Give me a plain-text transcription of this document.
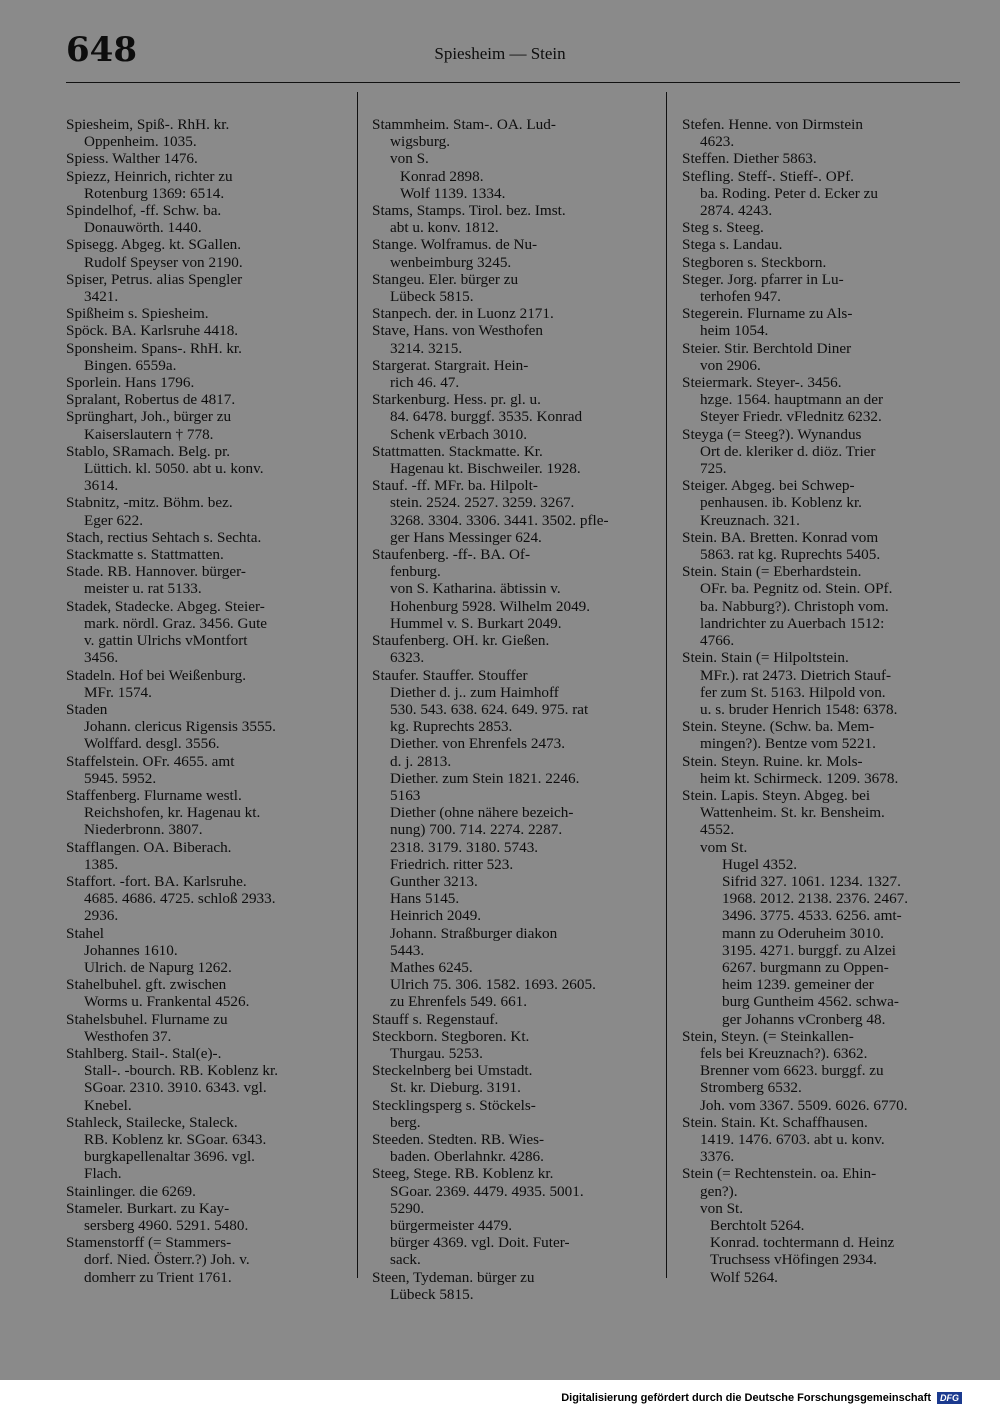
648	Spiesheim — Stein
Spiesheim, Spiß-. RhH. kr.
Oppenheim. 1035.
Spiess. Walther 1476.
Spiezz, Heinrich, richter zu
Rotenburg 1369: 6514.
Spindelhof, -ff. Schw. ba.
Donauwörth. 1440.
Spisegg. Abgeg. kt. SGallen.
Rudolf Speyser von 2190.
Spiser, Petrus. alias Spengler
3421.
Spißheim s. Spiesheim.
Spöck. BA. Karlsruhe 4418.
Sponsheim. Spans-. RhH. kr.
Bingen. 6559a.
Sporlein. Hans 1796.
Spralant, Robertus de 4817.
Sprünghart, Joh., bürger zu
Kaiserslautern † 778.
Stablo, SRamach. Belg. pr.
Lüttich. kl. 5050. abt u. konv.
3614.
Stabnitz, -mitz. Böhm. bez.
Eger 622.
Stach, rectius Sehtach s. Sechta.
Stackmatte s. Stattmatten.
Stade. RB. Hannover. bürger-
meister u. rat 5133.
Stadek, Stadecke. Abgeg. Steier-
mark. nördl. Graz. 3456. Gute
v. gattin Ulrichs vMontfort
3456.
Stadeln. Hof bei Weißenburg.
MFr. 1574.
Staden
Johann. clericus Rigensis 3555.
Wolffard. desgl. 3556.
Staffelstein. OFr. 4655. amt
5945. 5952.
Staffenberg. Flurname westl.
Reichshofen, kr. Hagenau kt.
Niederbronn. 3807.
Stafflangen. OA. Biberach.
1385.
Staffort. -fort. BA. Karlsruhe.
4685. 4686. 4725. schloß 2933.
2936.
Stahel
Johannes 1610.
Ulrich. de Napurg 1262.
Stahelbuhel. gft. zwischen
Worms u. Frankental 4526.
Stahelsbuhel. Flurname zu
Westhofen 37.
Stahlberg. Stail-. Stal(e)-.
Stall-. -bourch. RB. Koblenz kr.
SGoar. 2310. 3910. 6343. vgl.
Knebel.
Stahleck, Stailecke, Staleck.
RB. Koblenz kr. SGoar. 6343.
burgkapellenaltar 3696. vgl.
Flach.
Stainlinger. die 6269.
Stameler. Burkart. zu Kay-
sersberg 4960. 5291. 5480.
Stamenstorff (= Stammers-
dorf. Nied. Österr.?) Joh. v.
domherr zu Trient 1761.
Stammheim. Stam-. OA. Lud-
wigsburg.
von S.
Konrad 2898.
Wolf 1139. 1334.
Stams, Stamps. Tirol. bez. Imst.
abt u. konv. 1812.
Stange. Wolframus. de Nu-
wenbeimburg 3245.
Stangeu. Eler. bürger zu
Lübeck 5815.
Stanpech. der. in Luonz 2171.
Stave, Hans. von Westhofen
3214. 3215.
Stargerat. Stargrait. Hein-
rich 46. 47.
Starkenburg. Hess. pr. gl. u.
84. 6478. burggf. 3535. Konrad
Schenk vErbach 3010.
Stattmatten. Stackmatte. Kr.
Hagenau kt. Bischweiler. 1928.
Stauf. -ff. MFr. ba. Hilpolt-
stein. 2524. 2527. 3259. 3267.
3268. 3304. 3306. 3441. 3502. pfle-
ger Hans Messinger 624.
Staufenberg. -ff-. BA. Of-
fenburg.
von S. Katharina. äbtissin v.
Hohenburg 5928. Wilhelm 2049.
Hummel v. S. Burkart 2049.
Staufenberg. OH. kr. Gießen.
6323.
Staufer. Stauffer. Stouffer
Diether d. j.. zum Haimhoff
530. 543. 638. 624. 649. 975. rat
kg. Ruprechts 2853.
Diether. von Ehrenfels 2473.
d. j. 2813.
Diether. zum Stein 1821. 2246.
5163
Diether (ohne nähere bezeich-
nung) 700. 714. 2274. 2287.
2318. 3179. 3180. 5743.
Friedrich. ritter 523.
Gunther 3213.
Hans 5145.
Heinrich 2049.
Johann. Straßburger diakon
5443.
Mathes 6245.
Ulrich 75. 306. 1582. 1693. 2605.
zu Ehrenfels 549. 661.
Stauff s. Regenstauf.
Steckborn. Stegboren. Kt.
Thurgau. 5253.
Steckelnberg bei Umstadt.
St. kr. Dieburg. 3191.
Stecklingsperg s. Stöckels-
berg.
Steeden. Stedten. RB. Wies-
baden. Oberlahnkr. 4286.
Steeg, Stege. RB. Koblenz kr.
SGoar. 2369. 4479. 4935. 5001.
5290.
bürgermeister 4479.
bürger 4369. vgl. Doit. Futer-
sack.
Steen, Tydeman. bürger zu
Lübeck 5815.
Stefen. Henne. von Dirmstein
4623.
Steffen. Diether 5863.
Stefling. Steff-. Stieff-. OPf.
ba. Roding. Peter d. Ecker zu
2874. 4243.
Steg s. Steeg.
Stega s. Landau.
Stegboren s. Steckborn.
Steger. Jorg. pfarrer in Lu-
terhofen 947.
Stegerein. Flurname zu Als-
heim 1054.
Steier. Stir. Berchtold Diner
von 2906.
Steiermark. Steyer-. 3456.
hzge. 1564. hauptmann an der
Steyer Friedr. vFlednitz 6232.
Steyga (= Steeg?). Wynandus
Ort de. kleriker d. diöz. Trier
725.
Steiger. Abgeg. bei Schwep-
penhausen. ib. Koblenz kr.
Kreuznach. 321.
Stein. BA. Bretten. Konrad vom
5863. rat kg. Ruprechts 5405.
Stein. Stain (= Eberhardstein.
OFr. ba. Pegnitz od. Stein. OPf.
ba. Nabburg?). Christoph vom.
landrichter zu Auerbach 1512:
4766.
Stein. Stain (= Hilpoltstein.
MFr.). rat 2473. Dietrich Stauf-
fer zum St. 5163. Hilpold von.
u. s. bruder Henrich 1548: 6378.
Stein. Steyne. (Schw. ba. Mem-
mingen?). Bentze vom 5221.
Stein. Steyn. Ruine. kr. Mols-
heim kt. Schirmeck. 1209. 3678.
Stein. Lapis. Steyn. Abgeg. bei
Wattenheim. St. kr. Bensheim.
4552.
vom St.
Hugel 4352.
Sifrid 327. 1061. 1234. 1327.
1968. 2012. 2138. 2376. 2467.
3496. 3775. 4533. 6256. amt-
mann zu Oderuheim 3010.
3195. 4271. burggf. zu Alzei
6267. burgmann zu Oppen-
heim 1239. gemeiner der
burg Guntheim 4562. schwa-
ger Johanns vCronberg 48.
Stein, Steyn. (= Steinkallen-
fels bei Kreuznach?). 6362.
Brenner vom 6623. burggf. zu
Stromberg 6532.
Joh. vom 3367. 5509. 6026. 6770.
Stein. Stain. Kt. Schaffhausen.
1419. 1476. 6703. abt u. konv.
3376.
Stein (= Rechtenstein. oa. Ehin-
gen?).
von St.
Berchtolt 5264.
Konrad. tochtermann d. Heinz
Truchsess vHöfingen 2934.
Wolf 5264.
Digitalisierung gefördert durch die Deutsche Forschungsgemeinschaft	DFG
